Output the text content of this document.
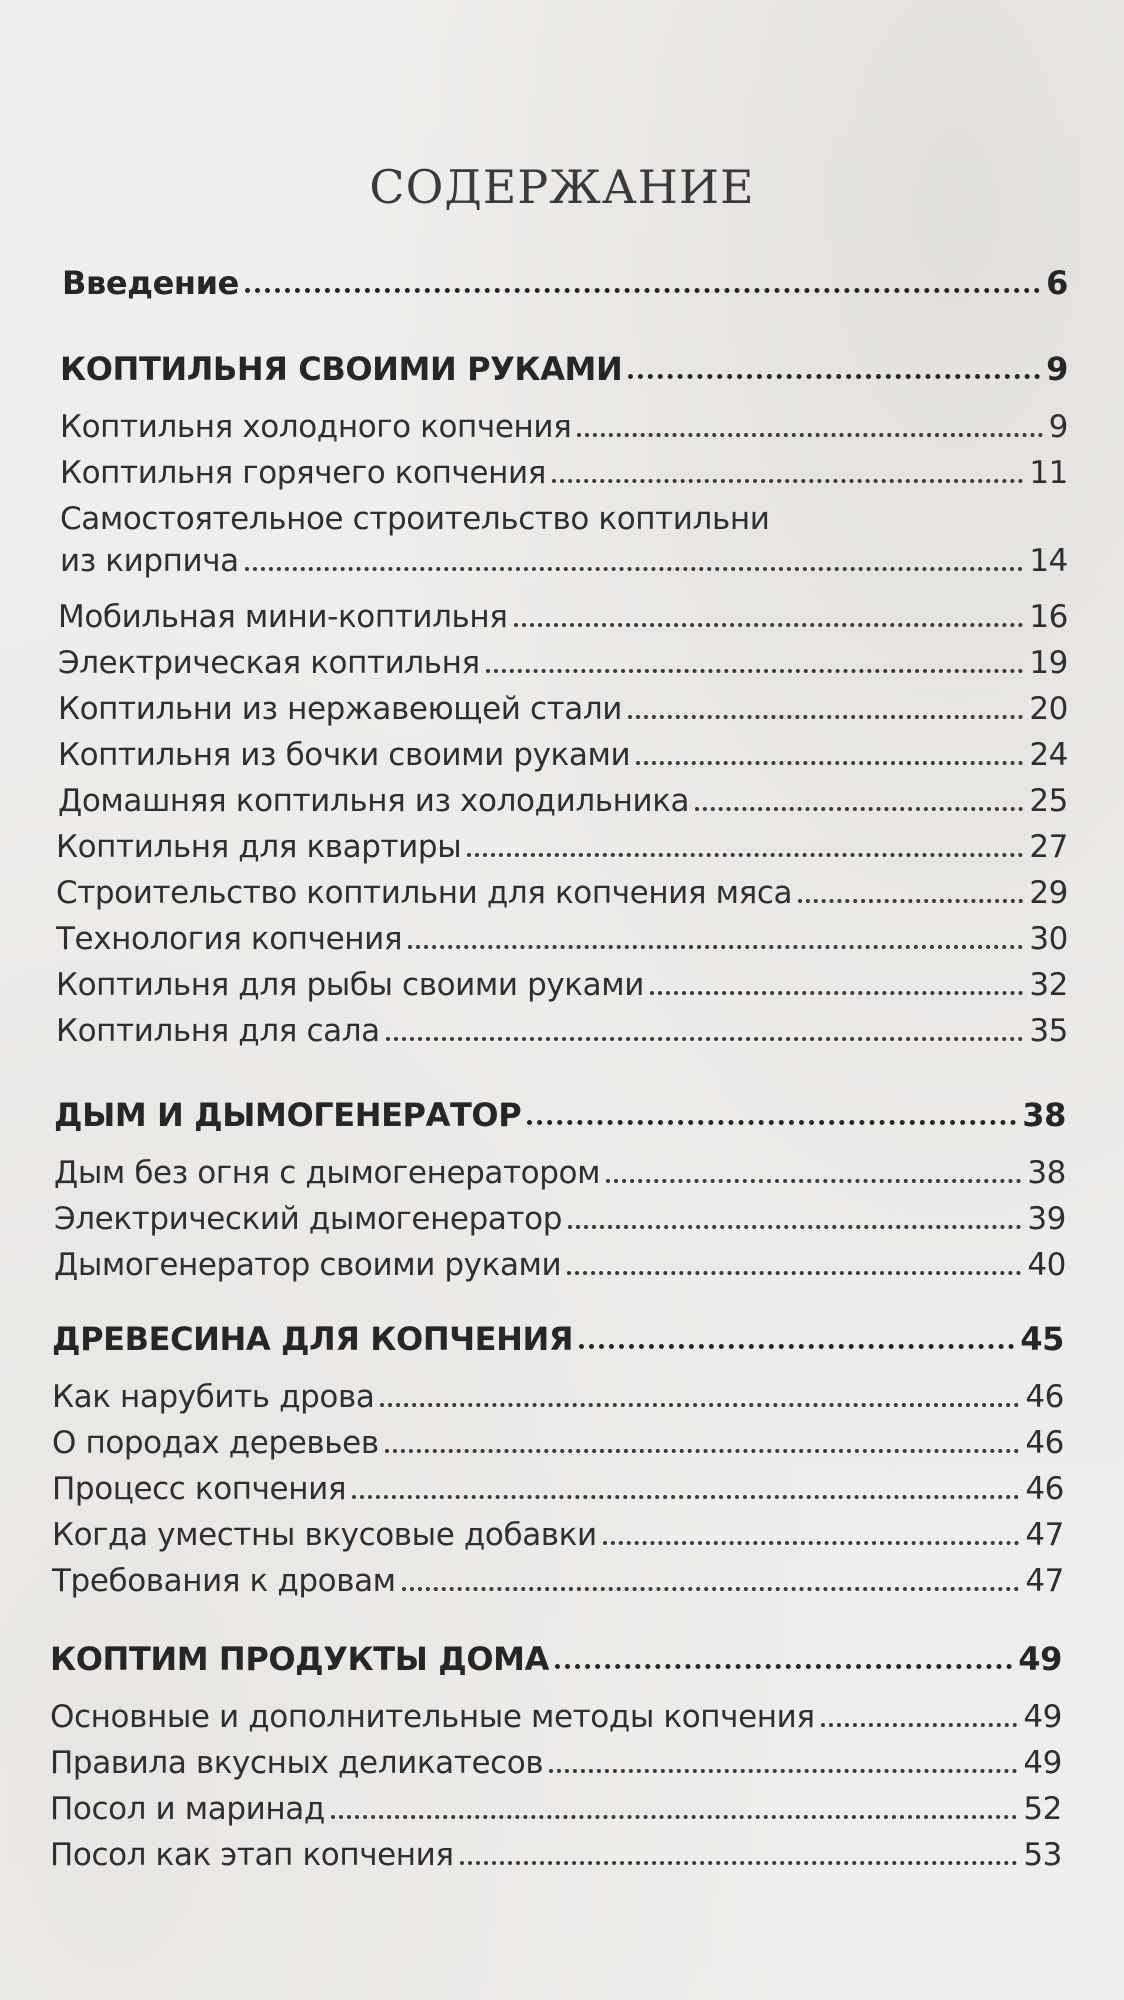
СОДЕРЖАНИЕ
Введение	6
КОПТИЛЬНЯ СВОИМИ РУКАМИ	9
Коптильня холодного копчения	9
Коптильня горячего копчения	11
Самостоятельное строительство коптильни
из кирпича	14
Мобильная мини-коптильня	16
Электрическая коптильня	19
Коптильни из нержавеющей стали	20
Коптильня из бочки своими руками	24
Домашняя коптильня из холодильника	25
Коптильня для квартиры	27
Строительство коптильни для копчения мяса	29
Технология копчения	30
Коптильня для рыбы своими руками	32
Коптильня для сала	35
ДЫМ И ДЫМОГЕНЕРАТОР	38
Дым без огня с дымогенератором	38
Электрический дымогенератор	39
Дымогенератор своими руками	40
ДРЕВЕСИНА ДЛЯ КОПЧЕНИЯ	45
Как нарубить дрова	46
О породах деревьев	46
Процесс копчения	46
Когда уместны вкусовые добавки	47
Требования к дровам	47
КОПТИМ ПРОДУКТЫ ДОМА	49
Основные и дополнительные методы копчения	49
Правила вкусных деликатесов	49
Посол и маринад	52
Посол как этап копчения	53
